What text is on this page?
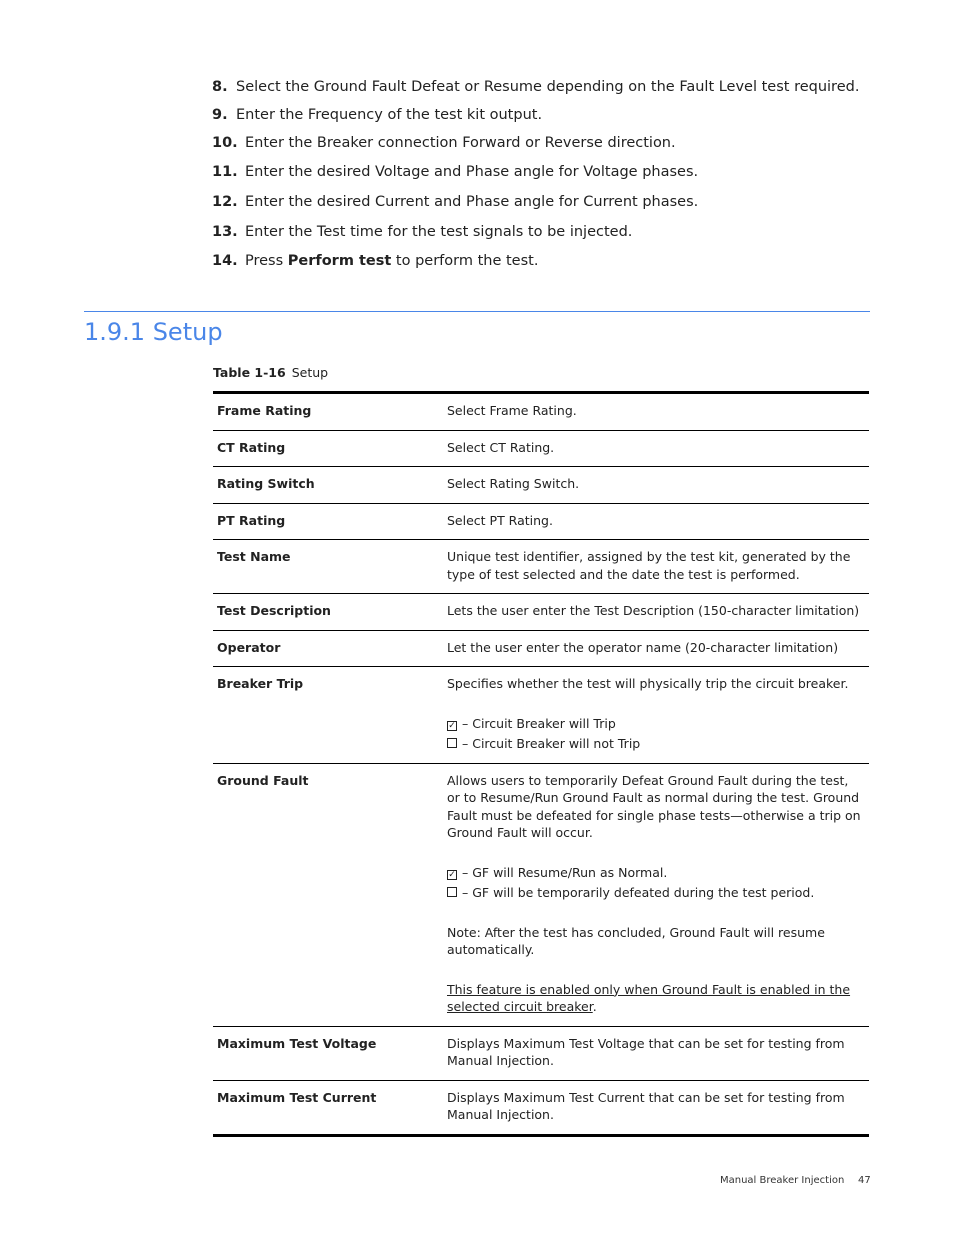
8. Select the Ground Fault Defeat or Resume depending on the Fault Level test required.
9. Enter the Frequency of the test kit output.
10. Enter the Breaker connection Forward or Reverse direction.
11. Enter the desired Voltage and Phase angle for Voltage phases.
12. Enter the desired Current and Phase angle for Current phases.
13. Enter the Test time for the test signals to be injected.
14. Press Perform test to perform the test.
1.9.1 Setup
Table 1-16 Setup
Frame Rating	Select Frame Rating.
CT Rating	Select CT Rating.
Rating Switch	Select Rating Switch.
PT Rating	Select PT Rating.
Test Name	Unique test identifier, assigned by the test kit, generated by the type of test selected and the date the test is performed.
Test Description	Lets the user enter the Test Description (150-character limitation)
Operator	Let the user enter the operator name (20-character limitation)
Breaker Trip	Specifies whether the test will physically trip the circuit breaker.

✓ – Circuit Breaker will Trip

– Circuit Breaker will not Trip

Ground Fault	Allows users to temporarily Defeat Ground Fault during the test, or to Resume/Run Ground Fault as normal during the test. Ground Fault must be defeated for single phase tests—otherwise a trip on Ground Fault will occur.

✓ – GF will Resume/Run as Normal.

– GF will be temporarily defeated during the test period.

Note: After the test has concluded, Ground Fault will resume automatically.

This feature is enabled only when Ground Fault is enabled in the selected circuit breaker.

Maximum Test Voltage	Displays Maximum Test Voltage that can be set for testing from Manual Injection.
Maximum Test Current	Displays Maximum Test Current that can be set for testing from Manual Injection.
Manual Breaker Injection 47
